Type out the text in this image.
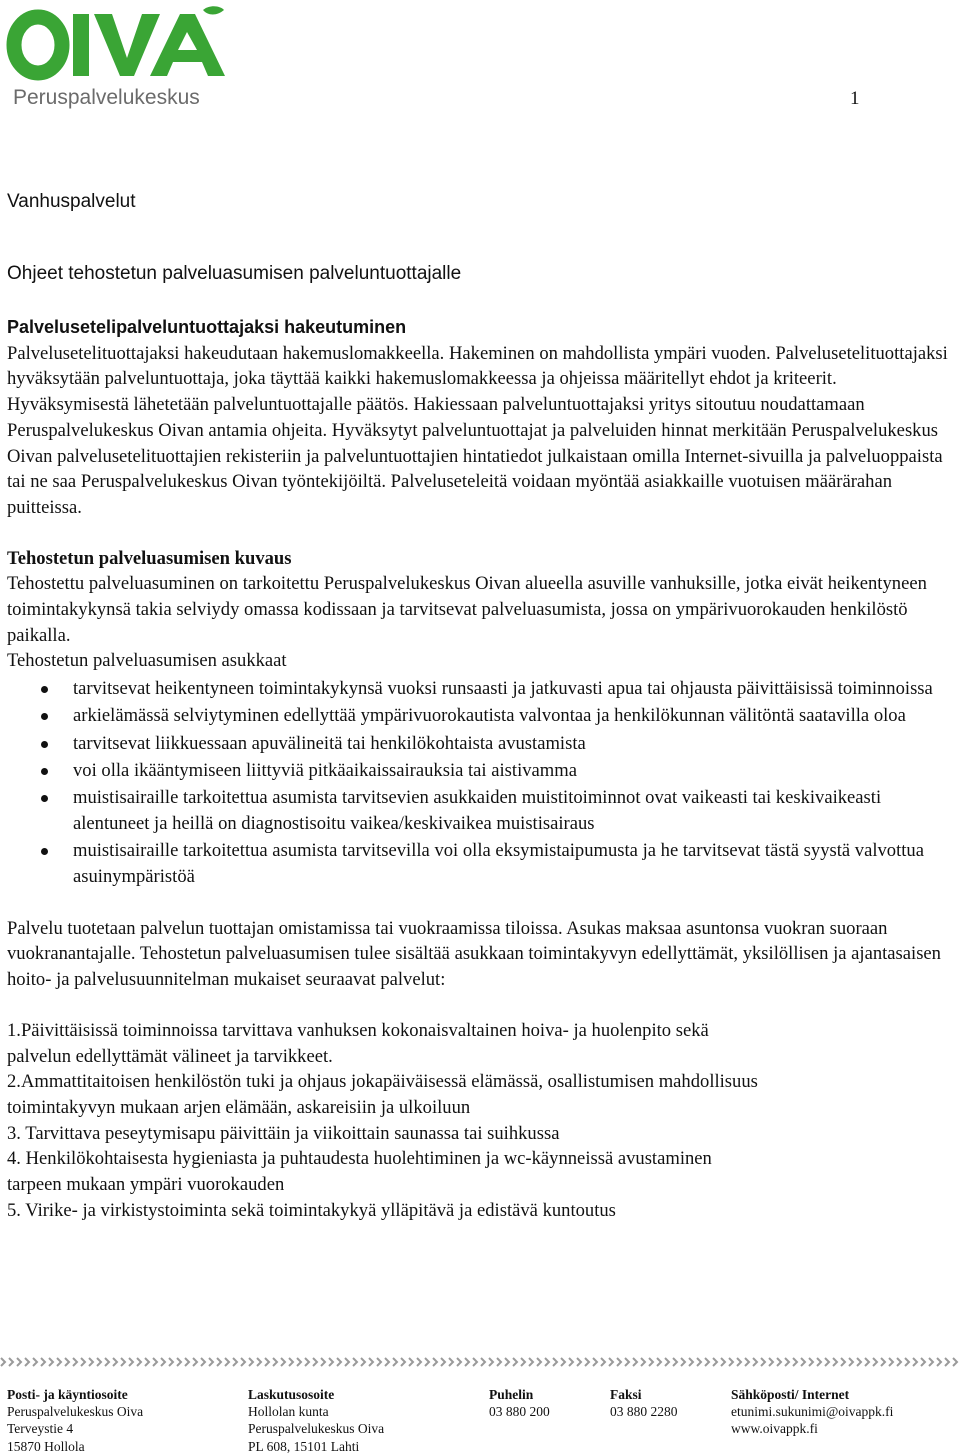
Peruspalvelukeskus	1
Vanhuspalvelut
Ohjeet tehostetun palveluasumisen palveluntuottajalle

Palvelusetelipalveluntuottajaksi hakeutuminen

Palvelusetelituottajaksi hakeudutaan hakemuslomakkeella. Hakeminen on mahdollista ympäri vuoden. Palvelusetelituottajaksi hyväksytään palveluntuottaja, joka täyttää kaikki hakemuslomakkeessa ja ohjeissa määritellyt ehdot ja kriteerit. Hyväksymisestä lähetetään palveluntuottajalle päätös. Hakiessaan palveluntuottajaksi yritys sitoutuu noudattamaan Peruspalvelukeskus Oivan antamia ohjeita. Hyväksytyt palveluntuottajat ja palveluiden hinnat merkitään Peruspalvelukeskus Oivan palvelusetelituottajien rekisteriin ja palveluntuottajien hintatiedot julkaistaan omilla Internet-sivuilla ja palveluoppaista tai ne saa Peruspalvelukeskus Oivan työntekijöiltä. Palveluseteleitä voidaan myöntää asiakkaille vuotuisen määrärahan puitteissa.

Tehostetun palveluasumisen kuvaus

Tehostettu palveluasuminen on tarkoitettu Peruspalvelukeskus Oivan alueella asuville vanhuksille, jotka eivät heikentyneen toimintakykynsä takia selviydy omassa kodissaan ja tarvitsevat palveluasumista, jossa on ympärivuorokauden henkilöstö paikalla.

Tehostetun palveluasumisen asukkaat

tarvitsevat heikentyneen toimintakykynsä vuoksi runsaasti ja jatkuvasti apua tai ohjausta päivittäisissä toiminnoissa
arkielämässä selviytyminen edellyttää ympärivuorokautista valvontaa ja henkilökunnan välitöntä saatavilla oloa
tarvitsevat liikkuessaan apuvälineitä tai henkilökohtaista avustamista
voi olla ikääntymiseen liittyviä pitkäaikaissairauksia tai aistivamma
muistisairaille tarkoitettua asumista tarvitsevien asukkaiden muistitoiminnot ovat vaikeasti tai keskivaikeasti alentuneet ja heillä on diagnostisoitu vaikea/keskivaikea muistisairaus
muistisairaille tarkoitettua asumista tarvitsevilla voi olla eksymistaipumusta ja he tarvitsevat tästä syystä valvottua asuinympäristöä

Palvelu tuotetaan palvelun tuottajan omistamissa tai vuokraamissa tiloissa. Asukas maksaa asuntonsa vuokran suoraan vuokranantajalle. Tehostetun palveluasumisen tulee sisältää asukkaan toimintakyvyn edellyttämät, yksilöllisen ja ajantasaisen hoito- ja palvelusuunnitelman mukaiset seuraavat palvelut:

1.Päivittäisissä toiminnoissa tarvittava vanhuksen kokonaisvaltainen hoiva- ja huolenpito sekä palvelun edellyttämät välineet ja tarvikkeet.

2.Ammattitaitoisen henkilöstön tuki ja ohjaus jokapäiväisessä elämässä, osallistumisen mahdollisuus toimintakyvyn mukaan arjen elämään, askareisiin ja ulkoiluun

3. Tarvittava peseytymisapu päivittäin ja viikoittain saunassa tai suihkussa

4. Henkilökohtaisesta hygieniasta ja puhtaudesta huolehtiminen ja wc-käynneissä avustaminen tarpeen mukaan ympäri vuorokauden

5. Virike- ja virkistystoiminta sekä toimintakykyä ylläpitävä ja edistävä kuntoutus

Posti- ja käyntiosoite
Peruspalvelukeskus Oiva
Terveystie 4
15870 Hollola
Laskutusosoite
Hollolan kunta
Peruspalvelukeskus Oiva
PL 608, 15101 Lahti
Puhelin
03 880 200
Faksi
03 880 2280
Sähköposti/ Internet
etunimi.sukunimi@oivappk.fi
www.oivappk.fi
